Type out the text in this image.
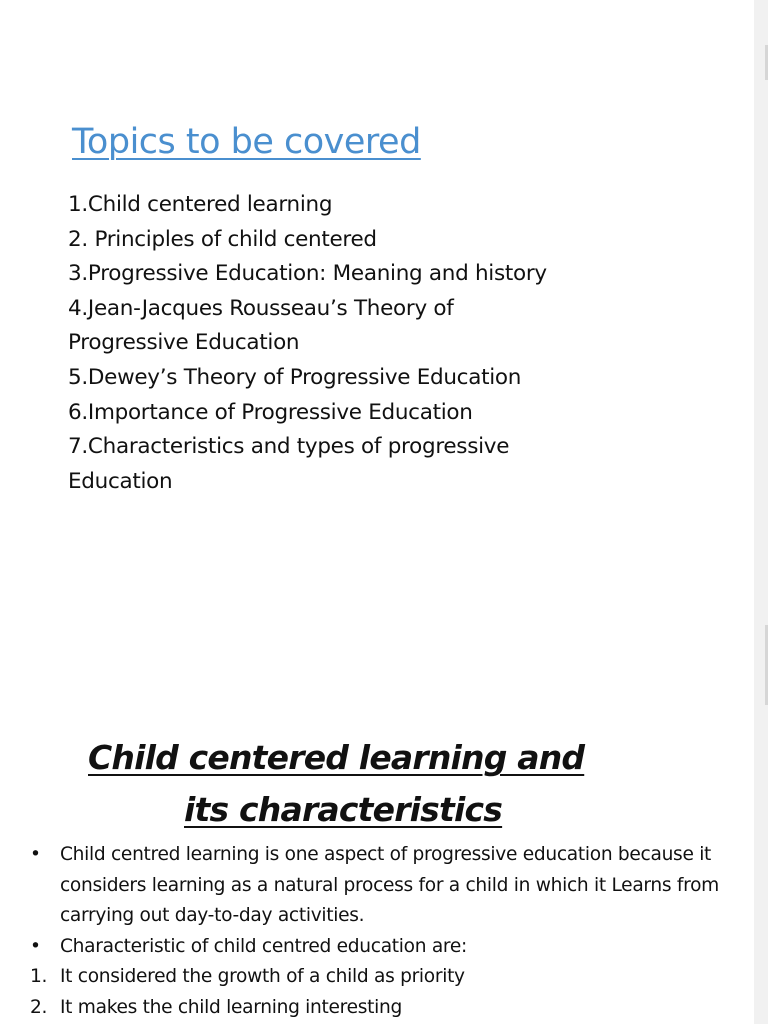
Topics to be covered
1.Child centered learning
2. Principles of child centered
3.Progressive Education: Meaning and history
4.Jean-Jacques Rousseau’s Theory of
Progressive Education
5.Dewey’s Theory of Progressive Education
6.Importance of Progressive Education
7.Characteristics and types of progressive
Education
Child centered learning and
its characteristics
• Child centred learning is one aspect of progressive education because it considers learning as a natural process for a child in which it Learns from carrying out day-to-day activities.
• Characteristic of child centred education are:
1. It considered the growth of a child as priority
2. It makes the child learning interesting
